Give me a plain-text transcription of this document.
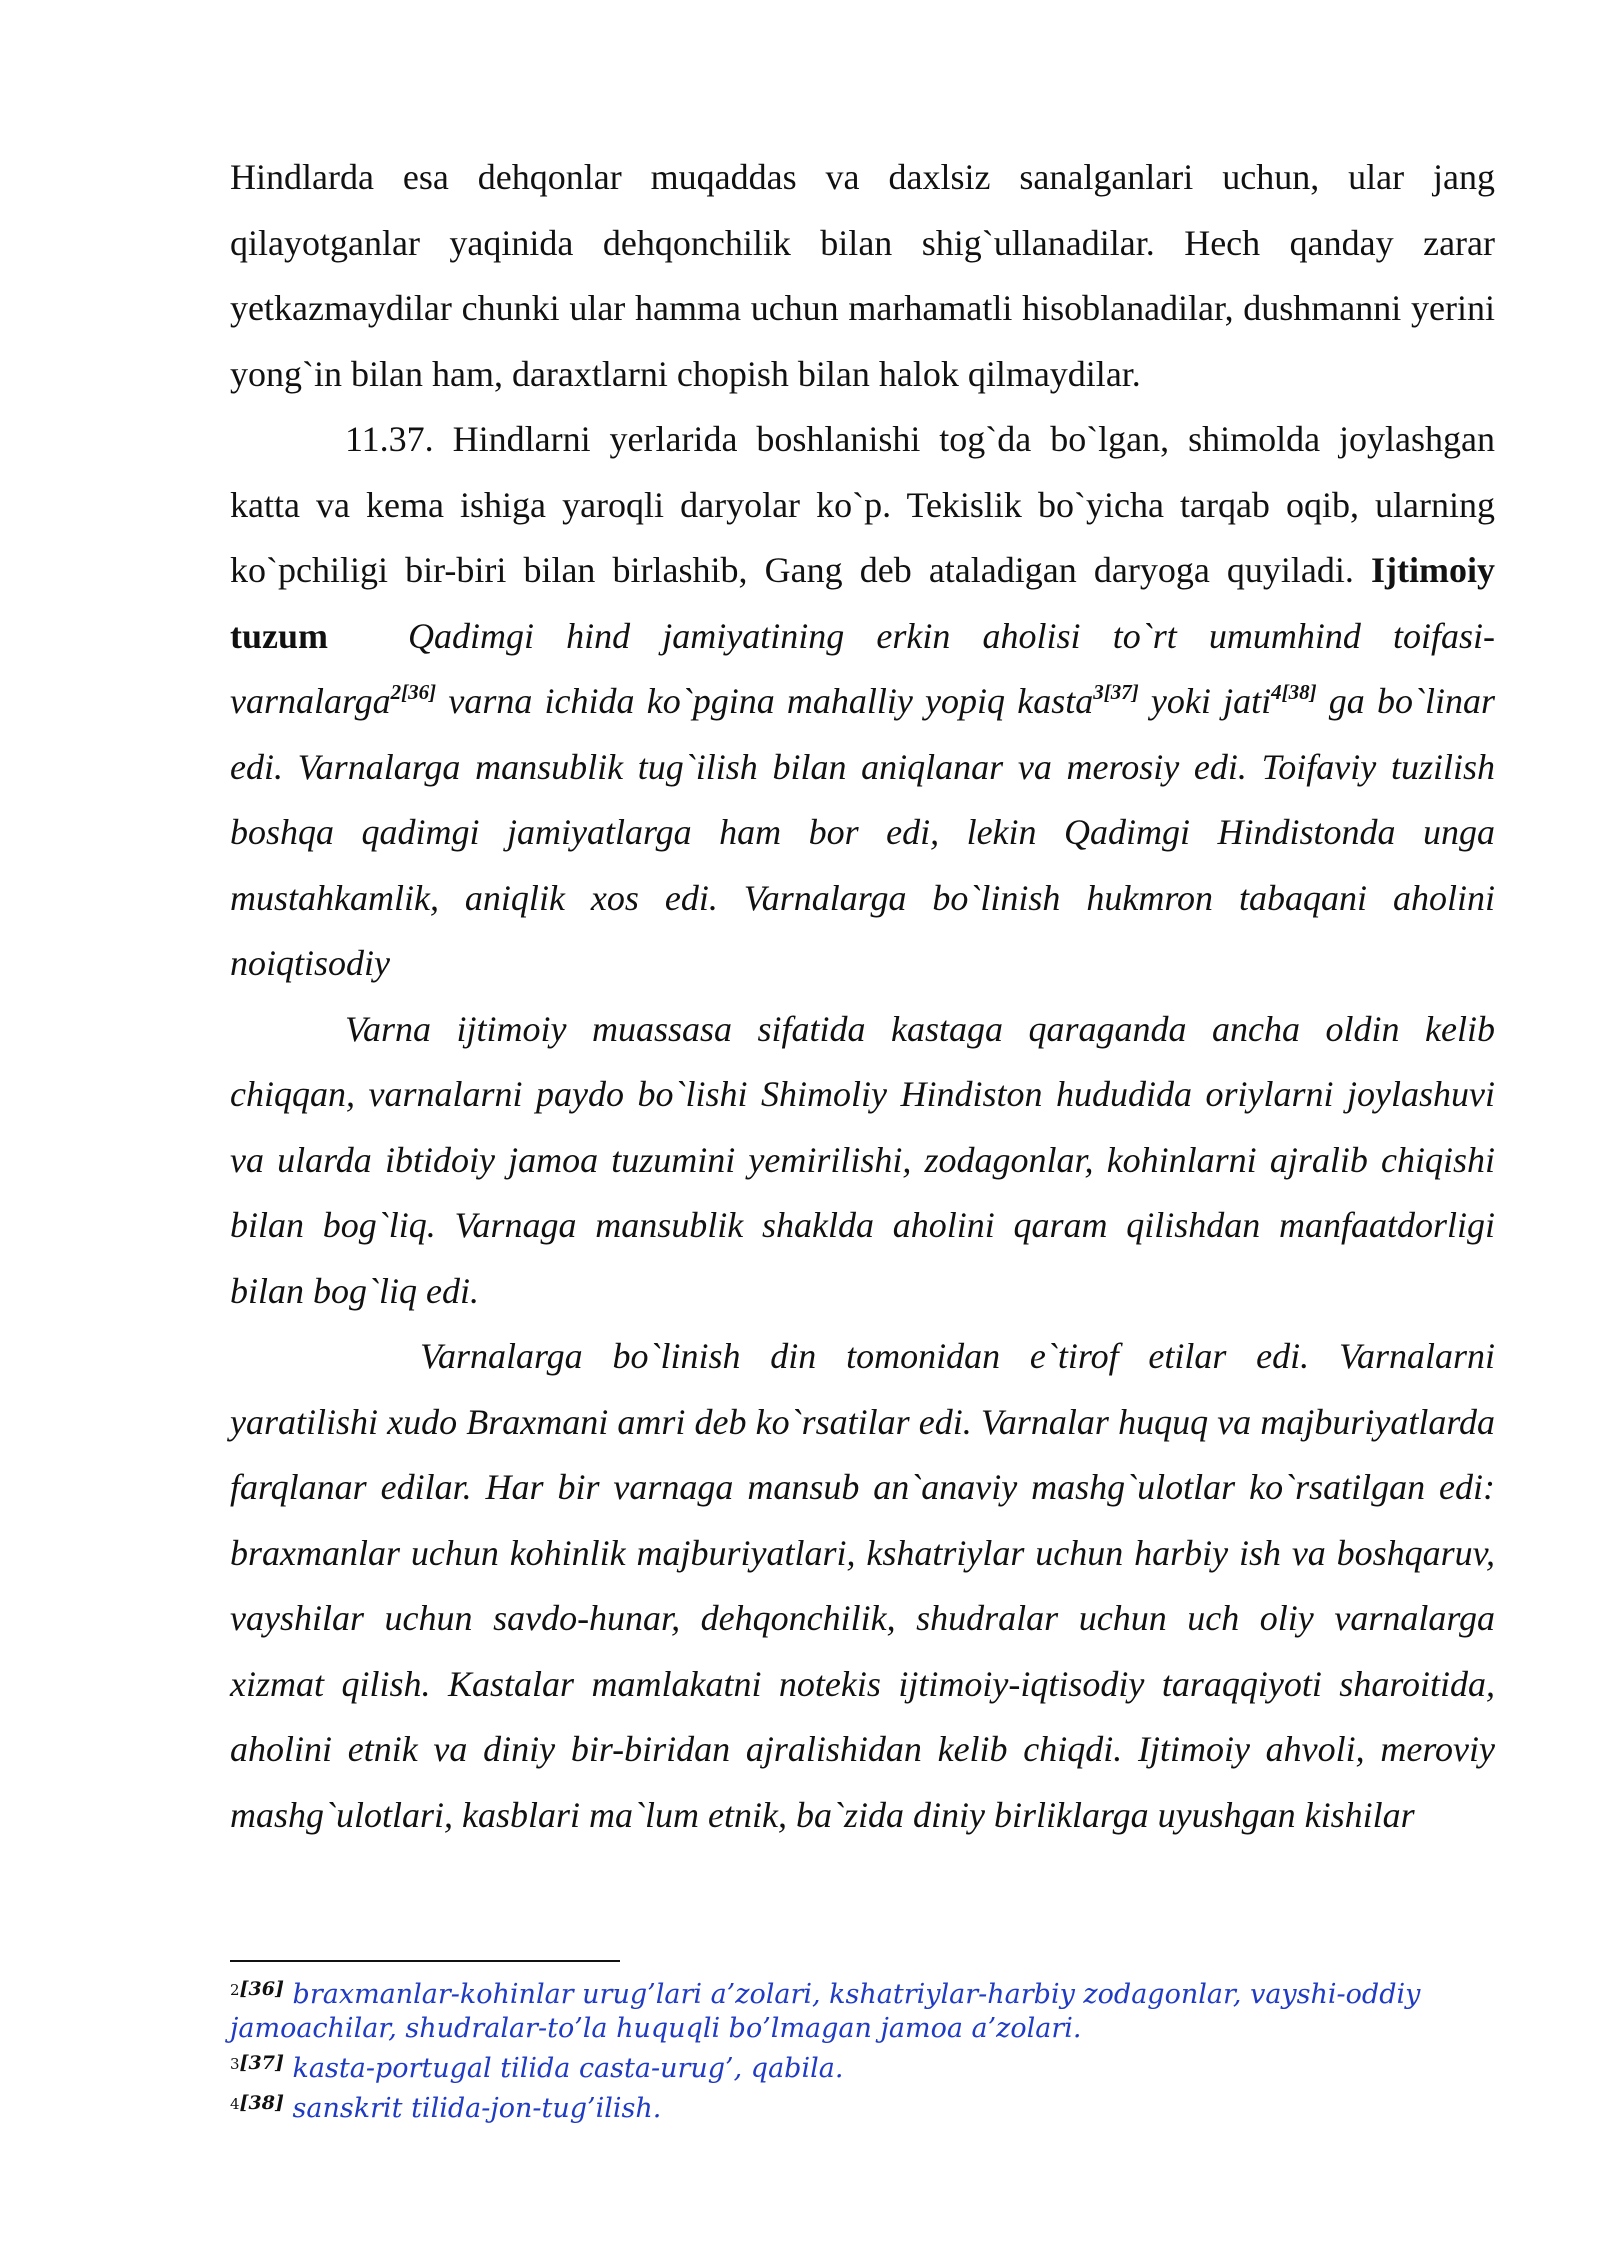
Hindlarda esa dehqonlar muqaddas va daxlsiz sanalganlari uchun, ular jang qilayotganlar yaqinida dehqonchilik bilan shig`ullanadilar. Hech qanday zarar yetkazmaydilar chunki ular hamma uchun marhamatli hisoblanadilar, dushmanni yerini yong`in bilan ham, daraxtlarni chopish bilan halok qilmaydilar.

11.37. Hindlarni yerlarida boshlanishi tog`da bo`lgan, shimolda joylashgan katta va kema ishiga yaroqli daryolar ko`p. Tekislik bo`yicha tarqab oqib, ularning ko`pchiligi bir-biri bilan birlashib, Gang deb ataladigan daryoga quyiladi. Ijtimoiy tuzum Qadimgi hind jamiyatining erkin aholisi to`rt umumhind toifasi-varnalarga$^{2[36]}$ varna ichida ko`pgina mahalliy yopiq kasta$^{3[37]}$ yoki jati$^{4[38]}$ ga bo`linar edi. Varnalarga mansublik tug`ilish bilan aniqlanar va merosiy edi. Toifaviy tuzilish boshqa qadimgi jamiyatlarga ham bor edi, lekin Qadimgi Hindistonda unga mustahkamlik, aniqlik xos edi. Varnalarga bo`linish hukmron tabaqani aholini noiqtisodiy

Varna ijtimoiy muassasa sifatida kastaga qaraganda ancha oldin kelib chiqqan, varnalarni paydo bo`lishi Shimoliy Hindiston hududida oriylarni joylashuvi va ularda ibtidoiy jamoa tuzumini yemirilishi, zodagonlar, kohinlarni ajralib chiqishi bilan bog`liq. Varnaga mansublik shaklda aholini qaram qilishdan manfaatdorligi bilan bog`liq edi.

Varnalarga bo`linish din tomonidan e`tirof etilar edi. Varnalarni yaratilishi xudo Braxmani amri deb ko`rsatilar edi. Varnalar huquq va majburiyatlarda farqlanar edilar. Har bir varnaga mansub an`anaviy mashg`ulotlar ko`rsatilgan edi: braxmanlar uchun kohinlik majburiyatlari, kshatriylar uchun harbiy ish va boshqaruv, vayshilar uchun savdo-hunar, dehqonchilik, shudralar uchun uch oliy varnalarga xizmat qilish. Kastalar mamlakatni notekis ijtimoiy-iqtisodiy taraqqiyoti sharoitida, aholini etnik va diniy bir-biridan ajralishidan kelib chiqdi. Ijtimoiy ahvoli, meroviy mashg`ulotlari, kasblari ma`lum etnik, ba`zida diniy birliklarga uyushgan kishilar

$^{2[36]}$ braxmanlar-kohinlar urug’lari a’zolari, kshatriylar-harbiy zodagonlar, vayshi-oddiy jamoachilar, shudralar-to’la huquqli bo’lmagan jamoa a’zolari.

$^{3[37]}$ kasta-portugal tilida casta-urug’, qabila.

$^{4[38]}$ sanskrit tilida-jon-tug’ilish.
